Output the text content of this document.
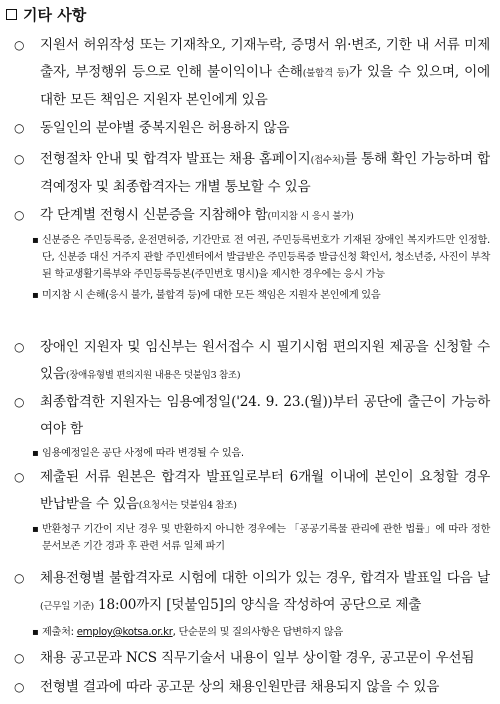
기타 사항
○ 지원서 허위작성 또는 기재착오, 기재누락, 증명서 위·변조, 기한 내 서류 미제출자, 부정행위 등으로 인해 불이익이나 손해(불합격 등)가 있을 수 있으며, 이에 대한 모든 책임은 지원자 본인에게 있음
○ 동일인의 분야별 중복지원은 허용하지 않음
○ 전형절차 안내 및 합격자 발표는 채용 홈페이지(접수처)를 통해 확인 가능하며 합격예정자 및 최종합격자는 개별 통보할 수 있음
○ 각 단계별 전형시 신분증을 지참해야 함(미지참 시 응시 불가)
▪ 신분증은 주민등록증, 운전면허증, 기간만료 전 여권, 주민등록번호가 기재된 장애인 복지카드만 인정함. 단, 신분증 대신 거주지 관할 주민센터에서 발급받은 주민등록증 발급신청 확인서, 청소년증, 사진이 부착된 학교생활기록부와 주민등록등본(주민번호 명시)을 제시한 경우에는 응시 가능
▪ 미지참 시 손해(응시 불가, 불합격 등)에 대한 모든 책임은 지원자 본인에게 있음
○ 장애인 지원자 및 임신부는 원서접수 시 필기시험 편의지원 제공을 신청할 수 있음(장애유형별 편의지원 내용은 덧붙임3 참조)
○ 최종합격한 지원자는 임용예정일('24. 9. 23.(월))부터 공단에 출근이 가능하여야 함
▪ 임용예정일은 공단 사정에 따라 변경될 수 있음.
○ 제출된 서류 원본은 합격자 발표일로부터 6개월 이내에 본인이 요청할 경우 반납받을 수 있음(요청서는 덧붙임4 참조)
▪ 반환청구 기간이 지난 경우 및 반환하지 아니한 경우에는 「공공기록물 관리에 관한 법률」에 따라 정한 문서보존 기간 경과 후 관련 서류 일체 파기
○ 체용전형별 불합격자로 시험에 대한 이의가 있는 경우, 합격자 발표일 다음 날(근무일 기준) 18:00까지 [덧붙임5]의 양식을 작성하여 공단으로 제출
▪ 제출처: employ@kotsa.or.kr, 단순문의 및 질의사항은 답변하지 않음
○ 채용 공고문과 NCS 직무기술서 내용이 일부 상이할 경우, 공고문이 우선됨
○ 전형별 결과에 따라 공고문 상의 채용인원만큼 채용되지 않을 수 있음
